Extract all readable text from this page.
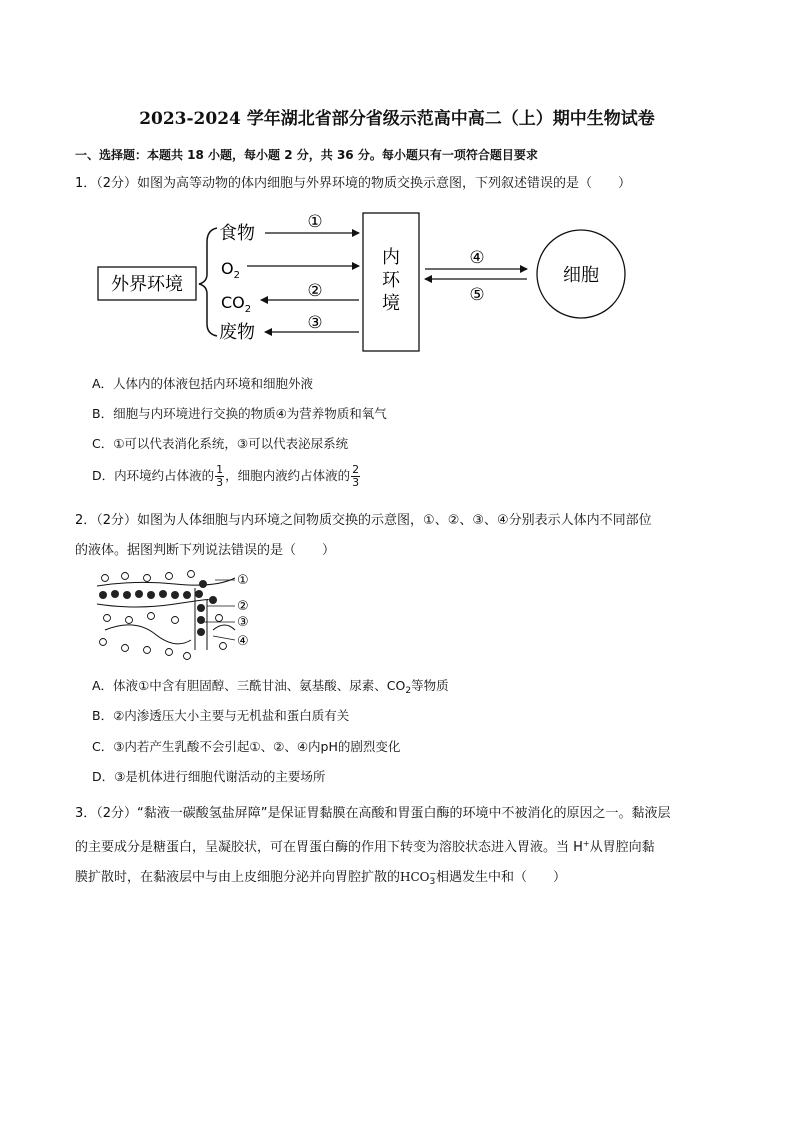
2023-2024 学年湖北省部分省级示范高中高二（上）期中生物试卷
一、选择题：本题共 18 小题，每小题 2 分，共 36 分。每小题只有一项符合题目要求
1．（2分）如图为高等动物的体内细胞与外界环境的物质交换示意图，下列叙述错误的是（　　）
外界环境
食物
$O_2$
$CO_2$
废物
①
②
③
内
环
境
④
⑤
细胞
A．人体内的体液包括内环境和细胞外液
B．细胞与内环境进行交换的物质④为营养物质和氧气
C．①可以代表消化系统，③可以代表泌尿系统
D．内环境约占体液的 $\frac{1}{3}$ ，细胞内液约占体液的 $\frac{2}{3}$
2．（2分）如图为人体细胞与内环境之间物质交换的示意图，①、②、③、④分别表示人体内不同部位
的液体。据图判断下列说法错误的是（　　）
①
②
③
④
A．体液①中含有胆固醇、三酰甘油、氨基酸、尿素、$CO_2$等物质
B．②内渗透压大小主要与无机盐和蛋白质有关
C．③内若产生乳酸不会引起①、②、④内pH的剧烈变化
D．③是机体进行细胞代谢活动的主要场所
3．（2分）“黏液一碳酸氢盐屏障”是保证胃黏膜在高酸和胃蛋白酶的环境中不被消化的原因之一。黏液层
的主要成分是糖蛋白，呈凝胶状，可在胃蛋白酶的作用下转变为溶胶状态进入胃液。当 H+从胃腔向黏
膜扩散时，在黏液层中与由上皮细胞分泌并向胃腔扩散的$HCO_3^-$相遇发生中和（　　）
